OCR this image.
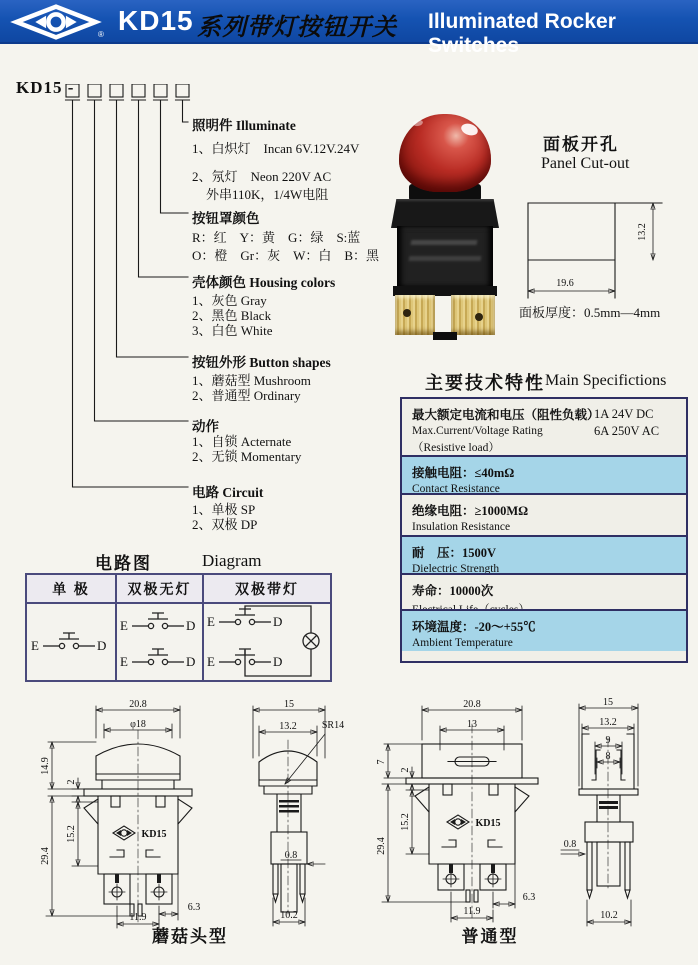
® KD15 系列带灯按钮开关 Illuminated Rocker Switches
KD15 -
照明件 Illuminate
1、白炽灯　Incan 6V.12V.24V
2、氖灯　Neon 220V AC
外串110K，1/4W电阻
按钮罩颜色
R：红　Y：黄　G：绿　S:蓝
O：橙　Gr：灰　W：白　B：黑
壳体颜色 Housing colors
1、灰色 Gray
2、黑色 Black
3、白色 White
按钮外形 Button shapes
1、蘑菇型 Mushroom
2、普通型 Ordinary
动作
1、自锁 Acternate
2、无锁 Momentary
电路 Circuit
1、单极 SP
2、双极 DP
面板开孔
Panel Cut-out
13.2
19.6
面板厚度：0.5mm—4mm
主要技术特性 Main Specifictions
最大额定电流和电压（阻性负载）
Max.Current/Voltage Rating
（Resistive load）
1A 24V DC
6A 250V AC
接触电阻：≤40mΩ
Contact Resistance
绝缘电阻：≥1000MΩ
Insulation Resistance
耐　压：1500V
Dielectric Strength
寿命：10000次
环境温度：-20～+55℃
Ambient Temperature
电路图	Diagram
单 极	双极无灯	双极带灯
E	D
E	D
E	D
E	D
E	D
20.8
φ18
KD15
14.9
29.4
2
15.2
6.3
11.9
15
13.2	SR14
0.8
10.2
20.8
13
KD15
7
2
15.2
29.4
6.3
11.9
15
13.2
9
8
0.8
10.2
蘑菇头型	普通型
